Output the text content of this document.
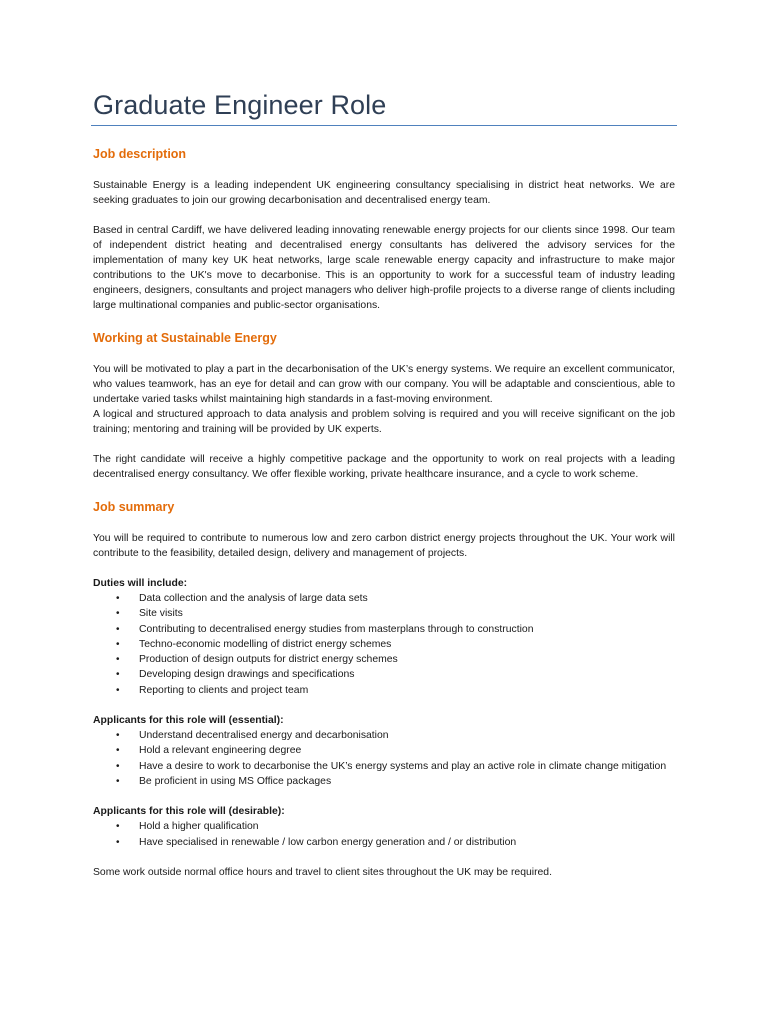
Graduate Engineer Role
Job description

Sustainable Energy is a leading independent UK engineering consultancy specialising in district heat networks. We are seeking graduates to join our growing decarbonisation and decentralised energy team.

Based in central Cardiff, we have delivered leading innovating renewable energy projects for our clients since 1998. Our team of independent district heating and decentralised energy consultants has delivered the advisory services for the implementation of many key UK heat networks, large scale renewable energy capacity and infrastructure to make major contributions to the UK's move to decarbonise. This is an opportunity to work for a successful team of industry leading engineers, designers, consultants and project managers who deliver high-profile projects to a diverse range of clients including large multinational companies and public-sector organisations.

Working at Sustainable Energy

You will be motivated to play a part in the decarbonisation of the UK’s energy systems. We require an excellent communicator, who values teamwork, has an eye for detail and can grow with our company. You will be adaptable and conscientious, able to undertake varied tasks whilst maintaining high standards in a fast-moving environment.

A logical and structured approach to data analysis and problem solving is required and you will receive significant on the job training; mentoring and training will be provided by UK experts.

The right candidate will receive a highly competitive package and the opportunity to work on real projects with a leading decentralised energy consultancy. We offer flexible working, private healthcare insurance, and a cycle to work scheme.

Job summary

You will be required to contribute to numerous low and zero carbon district energy projects throughout the UK. Your work will contribute to the feasibility, detailed design, delivery and management of projects.

Duties will include:
• Data collection and the analysis of large data sets
• Site visits
• Contributing to decentralised energy studies from masterplans through to construction
• Techno-economic modelling of district energy schemes
• Production of design outputs for district energy schemes
• Developing design drawings and specifications
• Reporting to clients and project team
Applicants for this role will (essential):
• Understand decentralised energy and decarbonisation
• Hold a relevant engineering degree
• Have a desire to work to decarbonise the UK’s energy systems and play an active role in climate change mitigation
• Be proficient in using MS Office packages
Applicants for this role will (desirable):
• Hold a higher qualification
• Have specialised in renewable / low carbon energy generation and / or distribution

Some work outside normal office hours and travel to client sites throughout the UK may be required.
